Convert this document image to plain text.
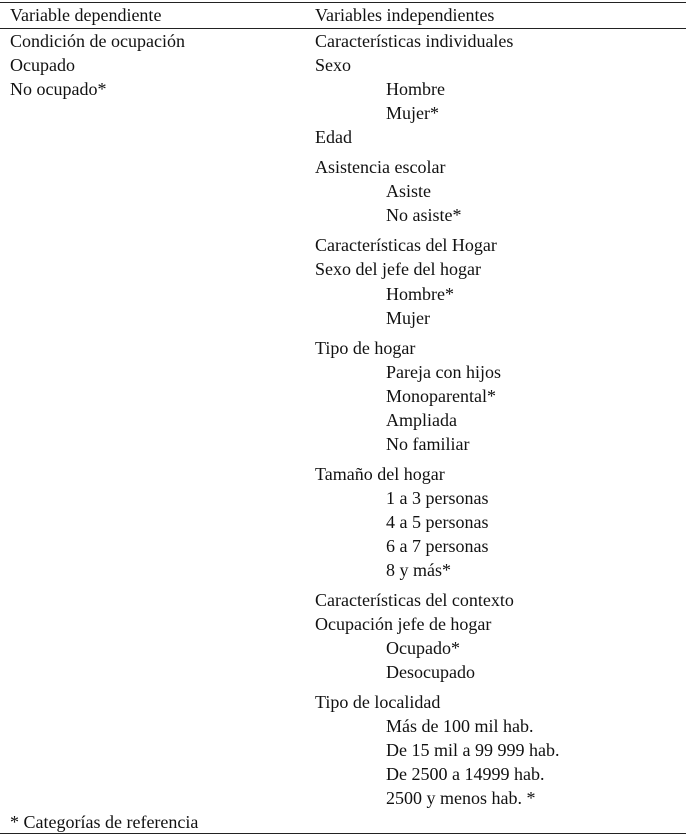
Variable dependiente	Variables independientes
Condición de ocupación
Ocupado
No ocupado*
Características individuales
Sexo
Hombre
Mujer*
Edad
Asistencia escolar
Asiste
No asiste*
Características del Hogar
Sexo del jefe del hogar
Hombre*
Mujer
Tipo de hogar
Pareja con hijos
Monoparental*
Ampliada
No familiar
Tamaño del hogar
1 a 3 personas
4 a 5 personas
6 a 7 personas
8 y más*
Características del contexto
Ocupación jefe de hogar
Ocupado*
Desocupado
Tipo de localidad
Más de 100 mil hab.
De 15 mil a 99 999 hab.
De 2500 a 14999 hab.
2500 y menos hab. *
* Categorías de referencia
